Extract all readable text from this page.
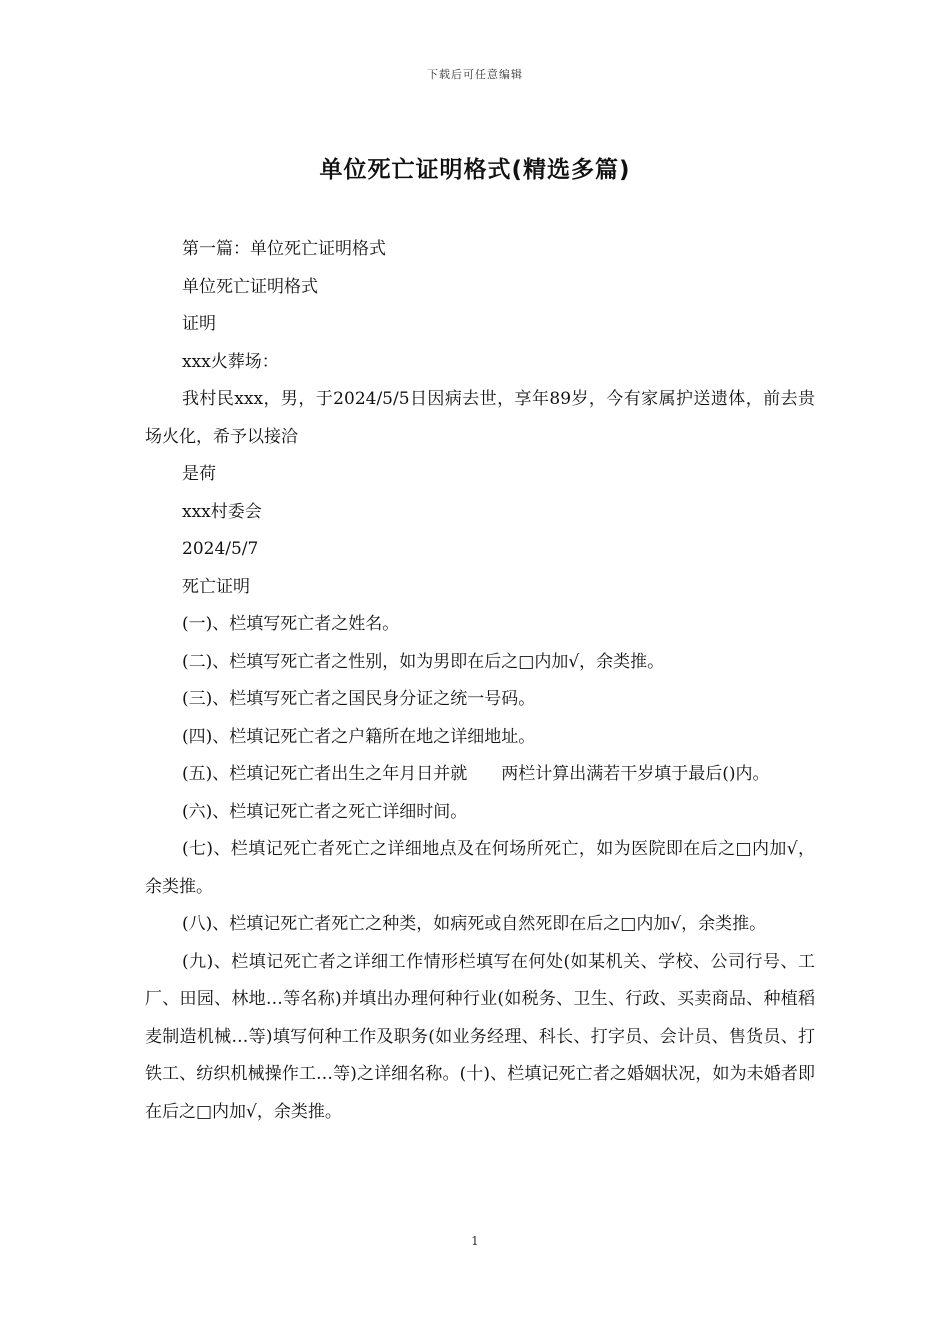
下载后可任意编辑
单位死亡证明格式(精选多篇)

第一篇：单位死亡证明格式

单位死亡证明格式

证明

xxx火葬场：

我村民xxx，男，于2024/5/5日因病去世，享年89岁，今有家属护送遗体，前去贵场火化，希予以接洽

是荷

xxx村委会

2024/5/7

死亡证明

(一)、栏填写死亡者之姓名。

(二)、栏填写死亡者之性别，如为男即在后之□内加√，余类推。

(三)、栏填写死亡者之国民身分证之统一号码。

(四)、栏填记死亡者之户籍所在地之详细地址。

(五)、栏填记死亡者出生之年月日并就　　两栏计算出满若干岁填于最后()内。

(六)、栏填记死亡者之死亡详细时间。

(七)、栏填记死亡者死亡之详细地点及在何场所死亡，如为医院即在后之□内加√，余类推。

(八)、栏填记死亡者死亡之种类，如病死或自然死即在后之□内加√，余类推。

(九)、栏填记死亡者之详细工作情形栏填写在何处(如某机关、学校、公司行号、工厂、田园、林地…等名称)并填出办理何种行业(如税务、卫生、行政、买卖商品、种植稻麦制造机械…等)填写何种工作及职务(如业务经理、科长、打字员、会计员、售货员、打铁工、纺织机械操作工…等)之详细名称。(十)、栏填记死亡者之婚姻状况，如为未婚者即在后之□内加√，余类推。

1
